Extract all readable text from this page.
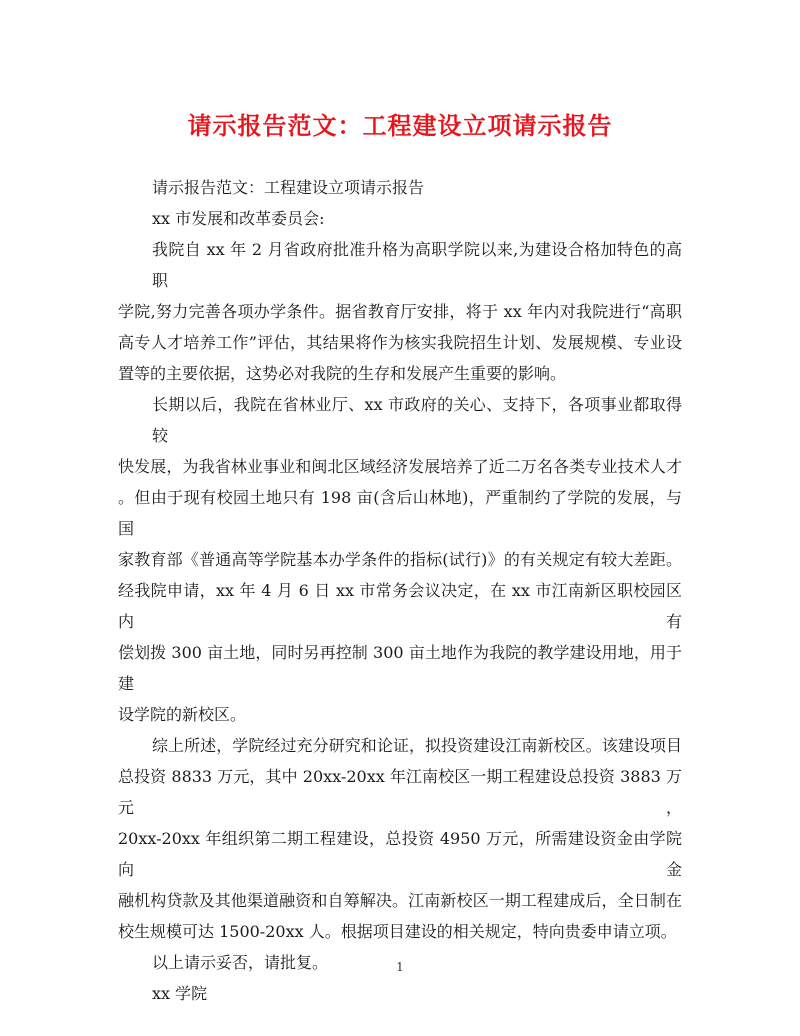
请示报告范文：工程建设立项请示报告
请示报告范文：工程建设立项请示报告
xx 市发展和改革委员会:
我院自 xx 年 2 月省政府批准升格为高职学院以来,为建设合格加特色的高职
学院,努力完善各项办学条件。据省教育厅安排，将于 xx 年内对我院进行“高职
高专人才培养工作”评估，其结果将作为核实我院招生计划、发展规模、专业设
置等的主要依据，这势必对我院的生存和发展产生重要的影响。
长期以后，我院在省林业厅、xx 市政府的关心、支持下，各项事业都取得较
快发展，为我省林业事业和闽北区域经济发展培养了近二万名各类专业技术人才
。但由于现有校园土地只有 198 亩(含后山林地)，严重制约了学院的发展，与国
家教育部《普通高等学院基本办学条件的指标(试行)》的有关规定有较大差距。
经我院申请，xx 年 4 月 6 日 xx 市常务会议决定，在 xx 市江南新区职校园区内有
偿划拨 300 亩土地，同时另再控制 300 亩土地作为我院的教学建设用地，用于建
设学院的新校区。
综上所述，学院经过充分研究和论证，拟投资建设江南新校区。该建设项目
总投资 8833 万元，其中 20xx-20xx 年江南校区一期工程建设总投资 3883 万元，
20xx-20xx 年组织第二期工程建设，总投资 4950 万元，所需建设资金由学院向金
融机构贷款及其他渠道融资和自筹解决。江南新校区一期工程建成后，全日制在
校生规模可达 1500-20xx 人。根据项目建设的相关规定，特向贵委申请立项。
以上请示妥否，请批复。
xx 学院
1
